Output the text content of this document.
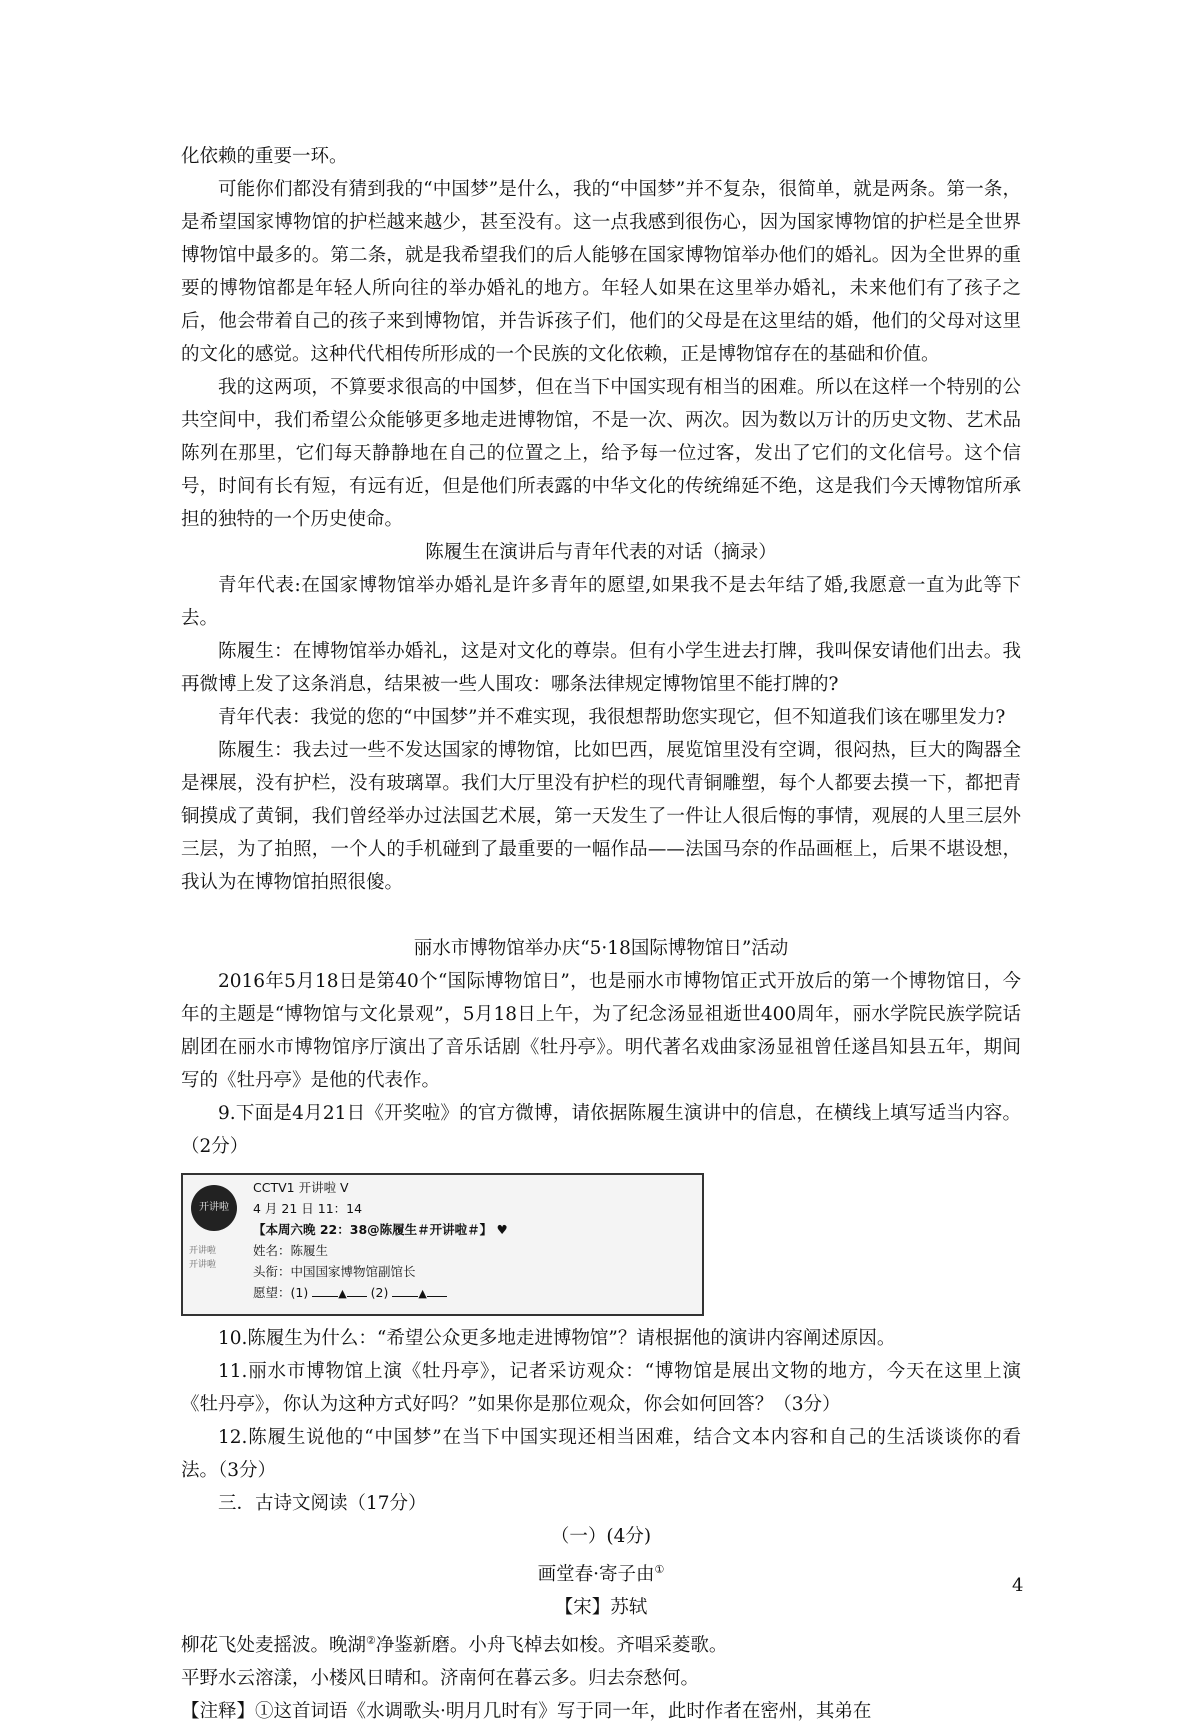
化依赖的重要一环。

可能你们都没有猜到我的“中国梦”是什么，我的“中国梦”并不复杂，很简单，就是两条。第一条，是希望国家博物馆的护栏越来越少，甚至没有。这一点我感到很伤心，因为国家博物馆的护栏是全世界博物馆中最多的。第二条，就是我希望我们的后人能够在国家博物馆举办他们的婚礼。因为全世界的重要的博物馆都是年轻人所向往的举办婚礼的地方。年轻人如果在这里举办婚礼，未来他们有了孩子之后，他会带着自己的孩子来到博物馆，并告诉孩子们，他们的父母是在这里结的婚，他们的父母对这里的文化的感觉。这种代代相传所形成的一个民族的文化依赖，正是博物馆存在的基础和价值。

我的这两项，不算要求很高的中国梦，但在当下中国实现有相当的困难。所以在这样一个特别的公共空间中，我们希望公众能够更多地走进博物馆，不是一次、两次。因为数以万计的历史文物、艺术品陈列在那里，它们每天静静地在自己的位置之上，给予每一位过客，发出了它们的文化信号。这个信号，时间有长有短，有远有近，但是他们所表露的中华文化的传统绵延不绝，这是我们今天博物馆所承担的独特的一个历史使命。

陈履生在演讲后与青年代表的对话（摘录）

青年代表:在国家博物馆举办婚礼是许多青年的愿望,如果我不是去年结了婚,我愿意一直为此等下去。

陈履生：在博物馆举办婚礼，这是对文化的尊崇。但有小学生进去打牌，我叫保安请他们出去。我再微博上发了这条消息，结果被一些人围攻：哪条法律规定博物馆里不能打牌的?

青年代表：我觉的您的“中国梦”并不难实现，我很想帮助您实现它，但不知道我们该在哪里发力?

陈履生：我去过一些不发达国家的博物馆，比如巴西，展览馆里没有空调，很闷热，巨大的陶器全是裸展，没有护栏，没有玻璃罩。我们大厅里没有护栏的现代青铜雕塑，每个人都要去摸一下，都把青铜摸成了黄铜，我们曾经举办过法国艺术展，第一天发生了一件让人很后悔的事情，观展的人里三层外三层，为了拍照，一个人的手机碰到了最重要的一幅作品——法国马奈的作品画框上，后果不堪设想，我认为在博物馆拍照很傻。

丽水市博物馆举办庆“5·18国际博物馆日”活动

2016年5月18日是第40个“国际博物馆日”，也是丽水市博物馆正式开放后的第一个博物馆日，今年的主题是“博物馆与文化景观”，5月18日上午，为了纪念汤显祖逝世400周年，丽水学院民族学院话剧团在丽水市博物馆序厅演出了音乐话剧《牡丹亭》。明代著名戏曲家汤显祖曾任遂昌知县五年，期间写的《牡丹亭》是他的代表作。

9.下面是4月21日《开奖啦》的官方微博，请依据陈履生演讲中的信息，在横线上填写适当内容。（2分）

开讲啦
开讲啦
开讲啦
CCTV1 开讲啦 V
4 月 21 日 11：14
【本周六晚 22：38@陈履生＃开讲啦＃】 ♥
姓名：陈履生
头衔：中国国家博物馆副馆长
愿望：(1)	▲ (2)	▲

10.陈履生为什么：“希望公众更多地走进博物馆”？请根据他的演讲内容阐述原因。

11.丽水市博物馆上演《牡丹亭》，记者采访观众：“博物馆是展出文物的地方，今天在这里上演《牡丹亭》，你认为这种方式好吗？”如果你是那位观众，你会如何回答？（3分）

12.陈履生说他的“中国梦”在当下中国实现还相当困难，结合文本内容和自己的生活谈谈你的看法。（3分）

三．古诗文阅读（17分）

（一）(4分)

画堂春·寄子由①

【宋】苏轼

柳花飞处麦摇波。晚湖②净鉴新磨。小舟飞棹去如梭。齐唱采菱歌。

平野水云溶漾，小楼风日晴和。济南何在暮云多。归去奈愁何。

【注释】①这首词语《水调歌头·明月几时有》写于同一年，此时作者在密州，其弟在

4
